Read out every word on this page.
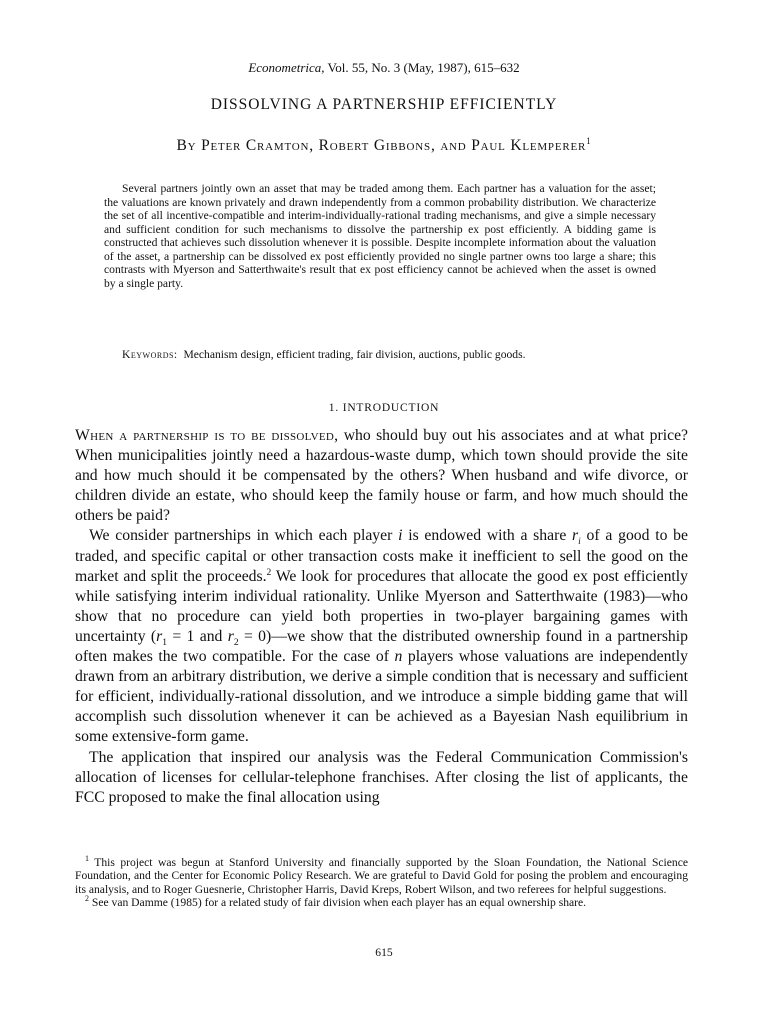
Econometrica, Vol. 55, No. 3 (May, 1987), 615–632
DISSOLVING A PARTNERSHIP EFFICIENTLY
By Peter Cramton, Robert Gibbons, and Paul Klemperer$^1$
Several partners jointly own an asset that may be traded among them. Each partner has a valuation for the asset; the valuations are known privately and drawn independently from a common probability distribution. We characterize the set of all incentive-compatible and interim-individually-rational trading mechanisms, and give a simple necessary and sufficient condition for such mechanisms to dissolve the partnership ex post efficiently. A bidding game is constructed that achieves such dissolution whenever it is possible. Despite incomplete information about the valuation of the asset, a partnership can be dissolved ex post efficiently provided no single partner owns too large a share; this contrasts with Myerson and Satterthwaite's result that ex post efficiency cannot be achieved when the asset is owned by a single party.
Keywords: Mechanism design, efficient trading, fair division, auctions, public goods.
1. INTRODUCTION

When a partnership is to be dissolved, who should buy out his associates and at what price? When municipalities jointly need a hazardous-waste dump, which town should provide the site and how much should it be compensated by the others? When husband and wife divorce, or children divide an estate, who should keep the family house or farm, and how much should the others be paid?

We consider partnerships in which each player i is endowed with a share $r_i$ of a good to be traded, and specific capital or other transaction costs make it inefficient to sell the good on the market and split the proceeds.$^2$ We look for procedures that allocate the good ex post efficiently while satisfying interim individual rationality. Unlike Myerson and Satterthwaite (1983)—who show that no procedure can yield both properties in two-player bargaining games with uncertainty ($r_1 = 1$ and $r_2$ = 0)—we show that the distributed ownership found in a partnership often makes the two compatible. For the case of n players whose valuations are independently drawn from an arbitrary distribution, we derive a simple condition that is necessary and sufficient for efficient, individually-rational dissolution, and we introduce a simple bidding game that will accomplish such dissolution whenever it can be achieved as a Bayesian Nash equilibrium in some extensive-form game.

The application that inspired our analysis was the Federal Communication Commission's allocation of licenses for cellular-telephone franchises. After closing the list of applicants, the FCC proposed to make the final allocation using

$^1$ This project was begun at Stanford University and financially supported by the Sloan Foundation, the National Science Foundation, and the Center for Economic Policy Research. We are grateful to David Gold for posing the problem and encouraging its analysis, and to Roger Guesnerie, Christopher Harris, David Kreps, Robert Wilson, and two referees for helpful suggestions.

$^2$ See van Damme (1985) for a related study of fair division when each player has an equal ownership share.

615
